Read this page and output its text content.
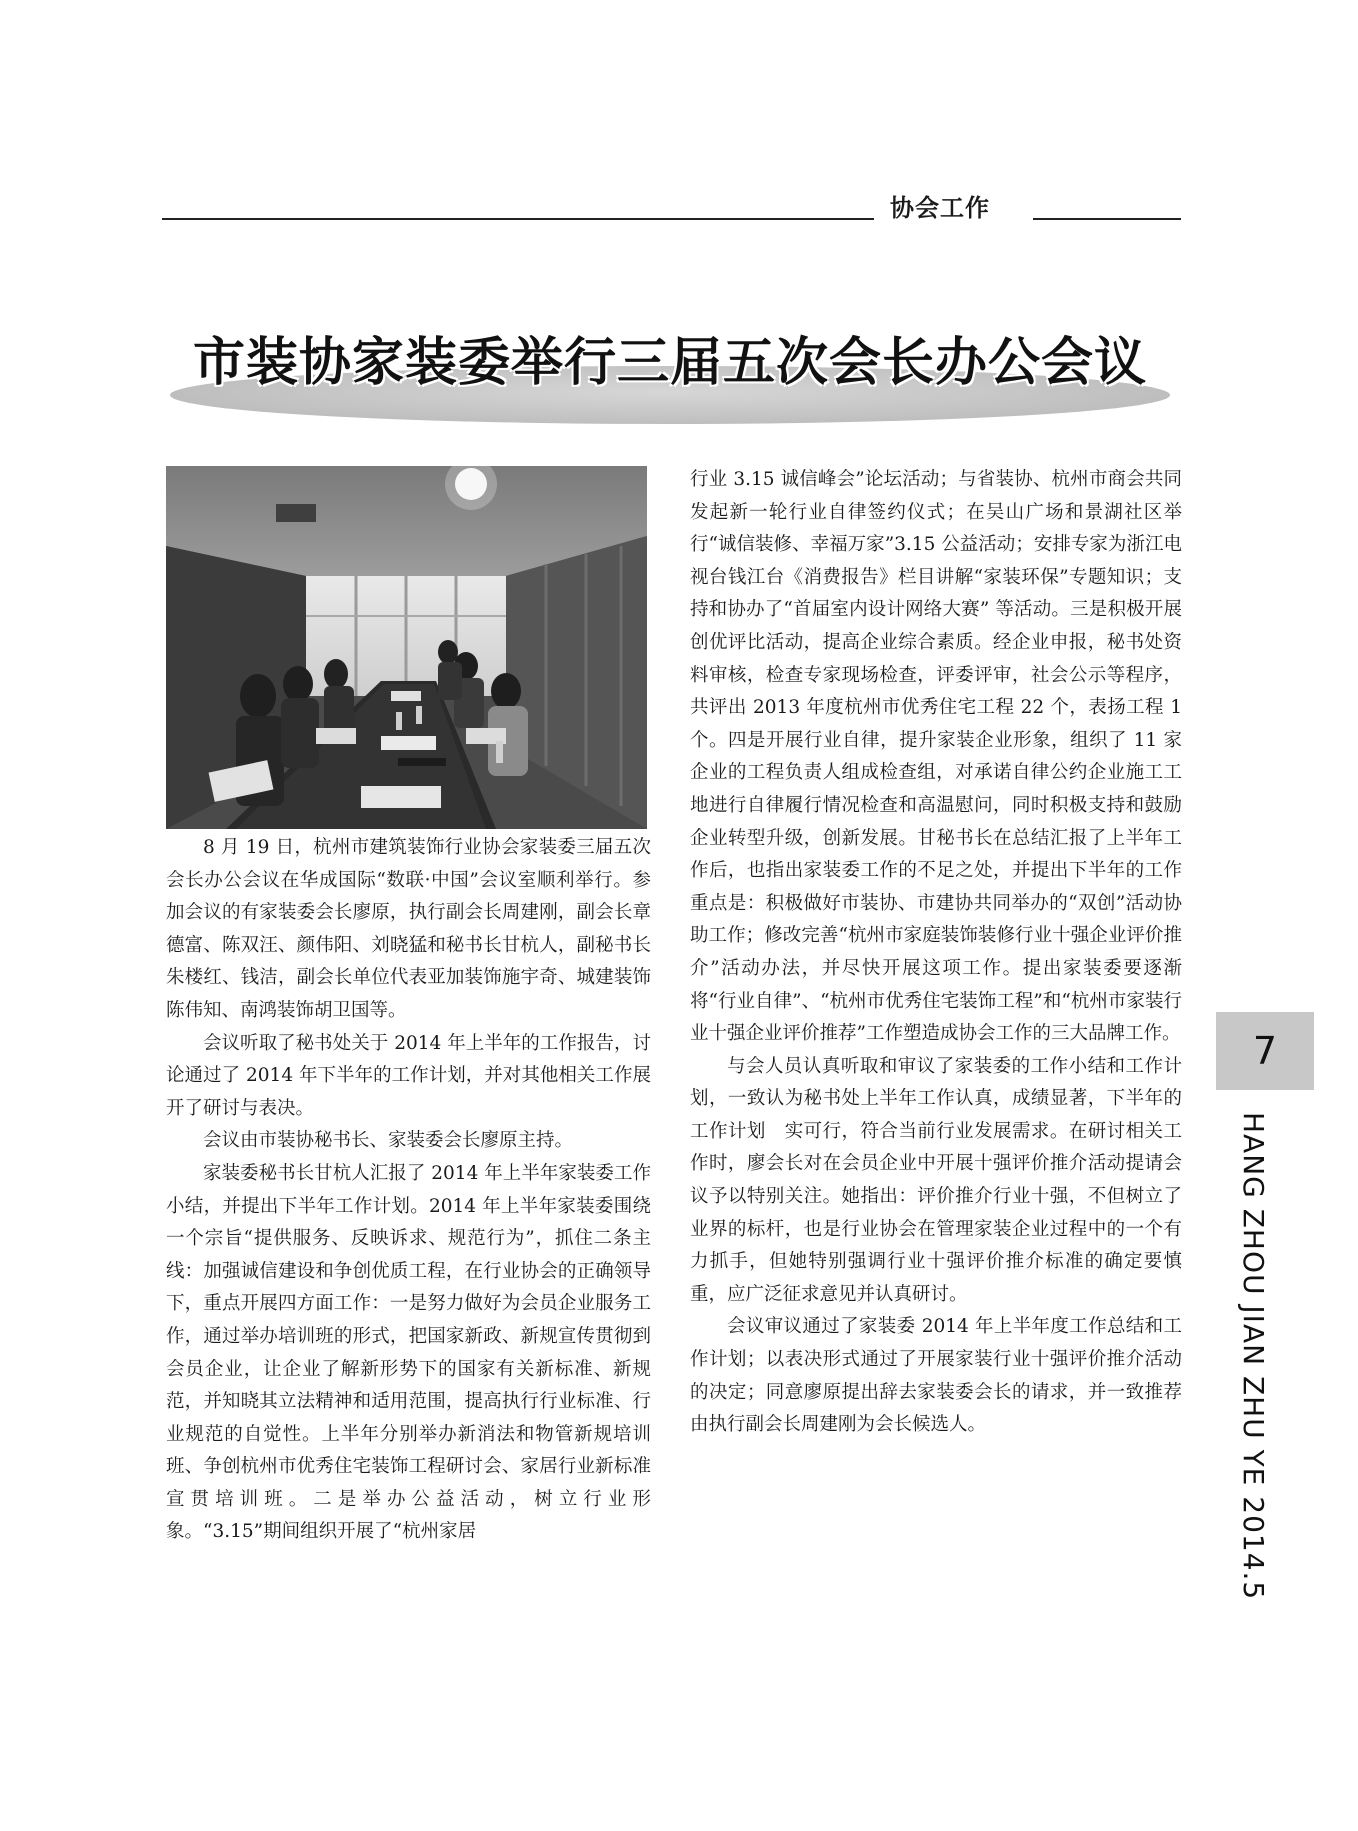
协会工作
市装协家装委举行三届五次会长办公会议

8 月 19 日，杭州市建筑装饰行业协会家装委三届五次会长办公会议在华成国际“数联·中国”会议室顺利举行。参加会议的有家装委会长廖原，执行副会长周建刚，副会长章德富、陈双汪、颜伟阳、刘晓猛和秘书长甘杭人，副秘书长朱楼红、钱洁，副会长单位代表亚加装饰施宇奇、城建装饰陈伟知、南鸿装饰胡卫国等。

会议听取了秘书处关于 2014 年上半年的工作报告，讨论通过了 2014 年下半年的工作计划，并对其他相关工作展开了研讨与表决。

会议由市装协秘书长、家装委会长廖原主持。

家装委秘书长甘杭人汇报了 2014 年上半年家装委工作小结，并提出下半年工作计划。2014 年上半年家装委围绕一个宗旨“提供服务、反映诉求、规范行为”，抓住二条主线：加强诚信建设和争创优质工程，在行业协会的正确领导下，重点开展四方面工作：一是努力做好为会员企业服务工作，通过举办培训班的形式，把国家新政、新规宣传贯彻到会员企业，让企业了解新形势下的国家有关新标准、新规范，并知晓其立法精神和适用范围，提高执行行业标准、行业规范的自觉性。上半年分别举办新消法和物管新规培训班、争创杭州市优秀住宅装饰工程研讨会、家居行业新标准宣贯培训班。二是举办公益活动，树立行业形象。“3.15”期间组织开展了“杭州家居

行业 3.15 诚信峰会”论坛活动；与省装协、杭州市商会共同发起新一轮行业自律签约仪式；在吴山广场和景湖社区举行“诚信装修、幸福万家”3.15 公益活动；安排专家为浙江电视台钱江台《消费报告》栏目讲解“家装环保”专题知识；支持和协办了“首届室内设计网络大赛” 等活动。三是积极开展创优评比活动，提高企业综合素质。经企业申报，秘书处资料审核，检查专家现场检查，评委评审，社会公示等程序，共评出 2013 年度杭州市优秀住宅工程 22 个，表扬工程 1 个。四是开展行业自律，提升家装企业形象，组织了 11 家企业的工程负责人组成检查组，对承诺自律公约企业施工工地进行自律履行情况检查和高温慰问，同时积极支持和鼓励企业转型升级，创新发展。甘秘书长在总结汇报了上半年工作后，也指出家装委工作的不足之处，并提出下半年的工作重点是：积极做好市装协、市建协共同举办的“双创”活动协助工作；修改完善“杭州市家庭装饰装修行业十强企业评价推介”活动办法，并尽快开展这项工作。提出家装委要逐渐将“行业自律”、“杭州市优秀住宅装饰工程”和“杭州市家装行业十强企业评价推荐”工作塑造成协会工作的三大品牌工作。

与会人员认真听取和审议了家装委的工作小结和工作计划，一致认为秘书处上半年工作认真，成绩显著，下半年的工作计划　实可行，符合当前行业发展需求。在研讨相关工作时，廖会长对在会员企业中开展十强评价推介活动提请会议予以特别关注。她指出：评价推介行业十强，不但树立了业界的标杆，也是行业协会在管理家装企业过程中的一个有力抓手，但她特别强调行业十强评价推介标准的确定要慎重，应广泛征求意见并认真研讨。

会议审议通过了家装委 2014 年上半年度工作总结和工作计划；以表决形式通过了开展家装行业十强评价推介活动的决定；同意廖原提出辞去家装委会长的请求，并一致推荐由执行副会长周建刚为会长候选人。

7
HANG ZHOU JIAN ZHU YE 2014.5
